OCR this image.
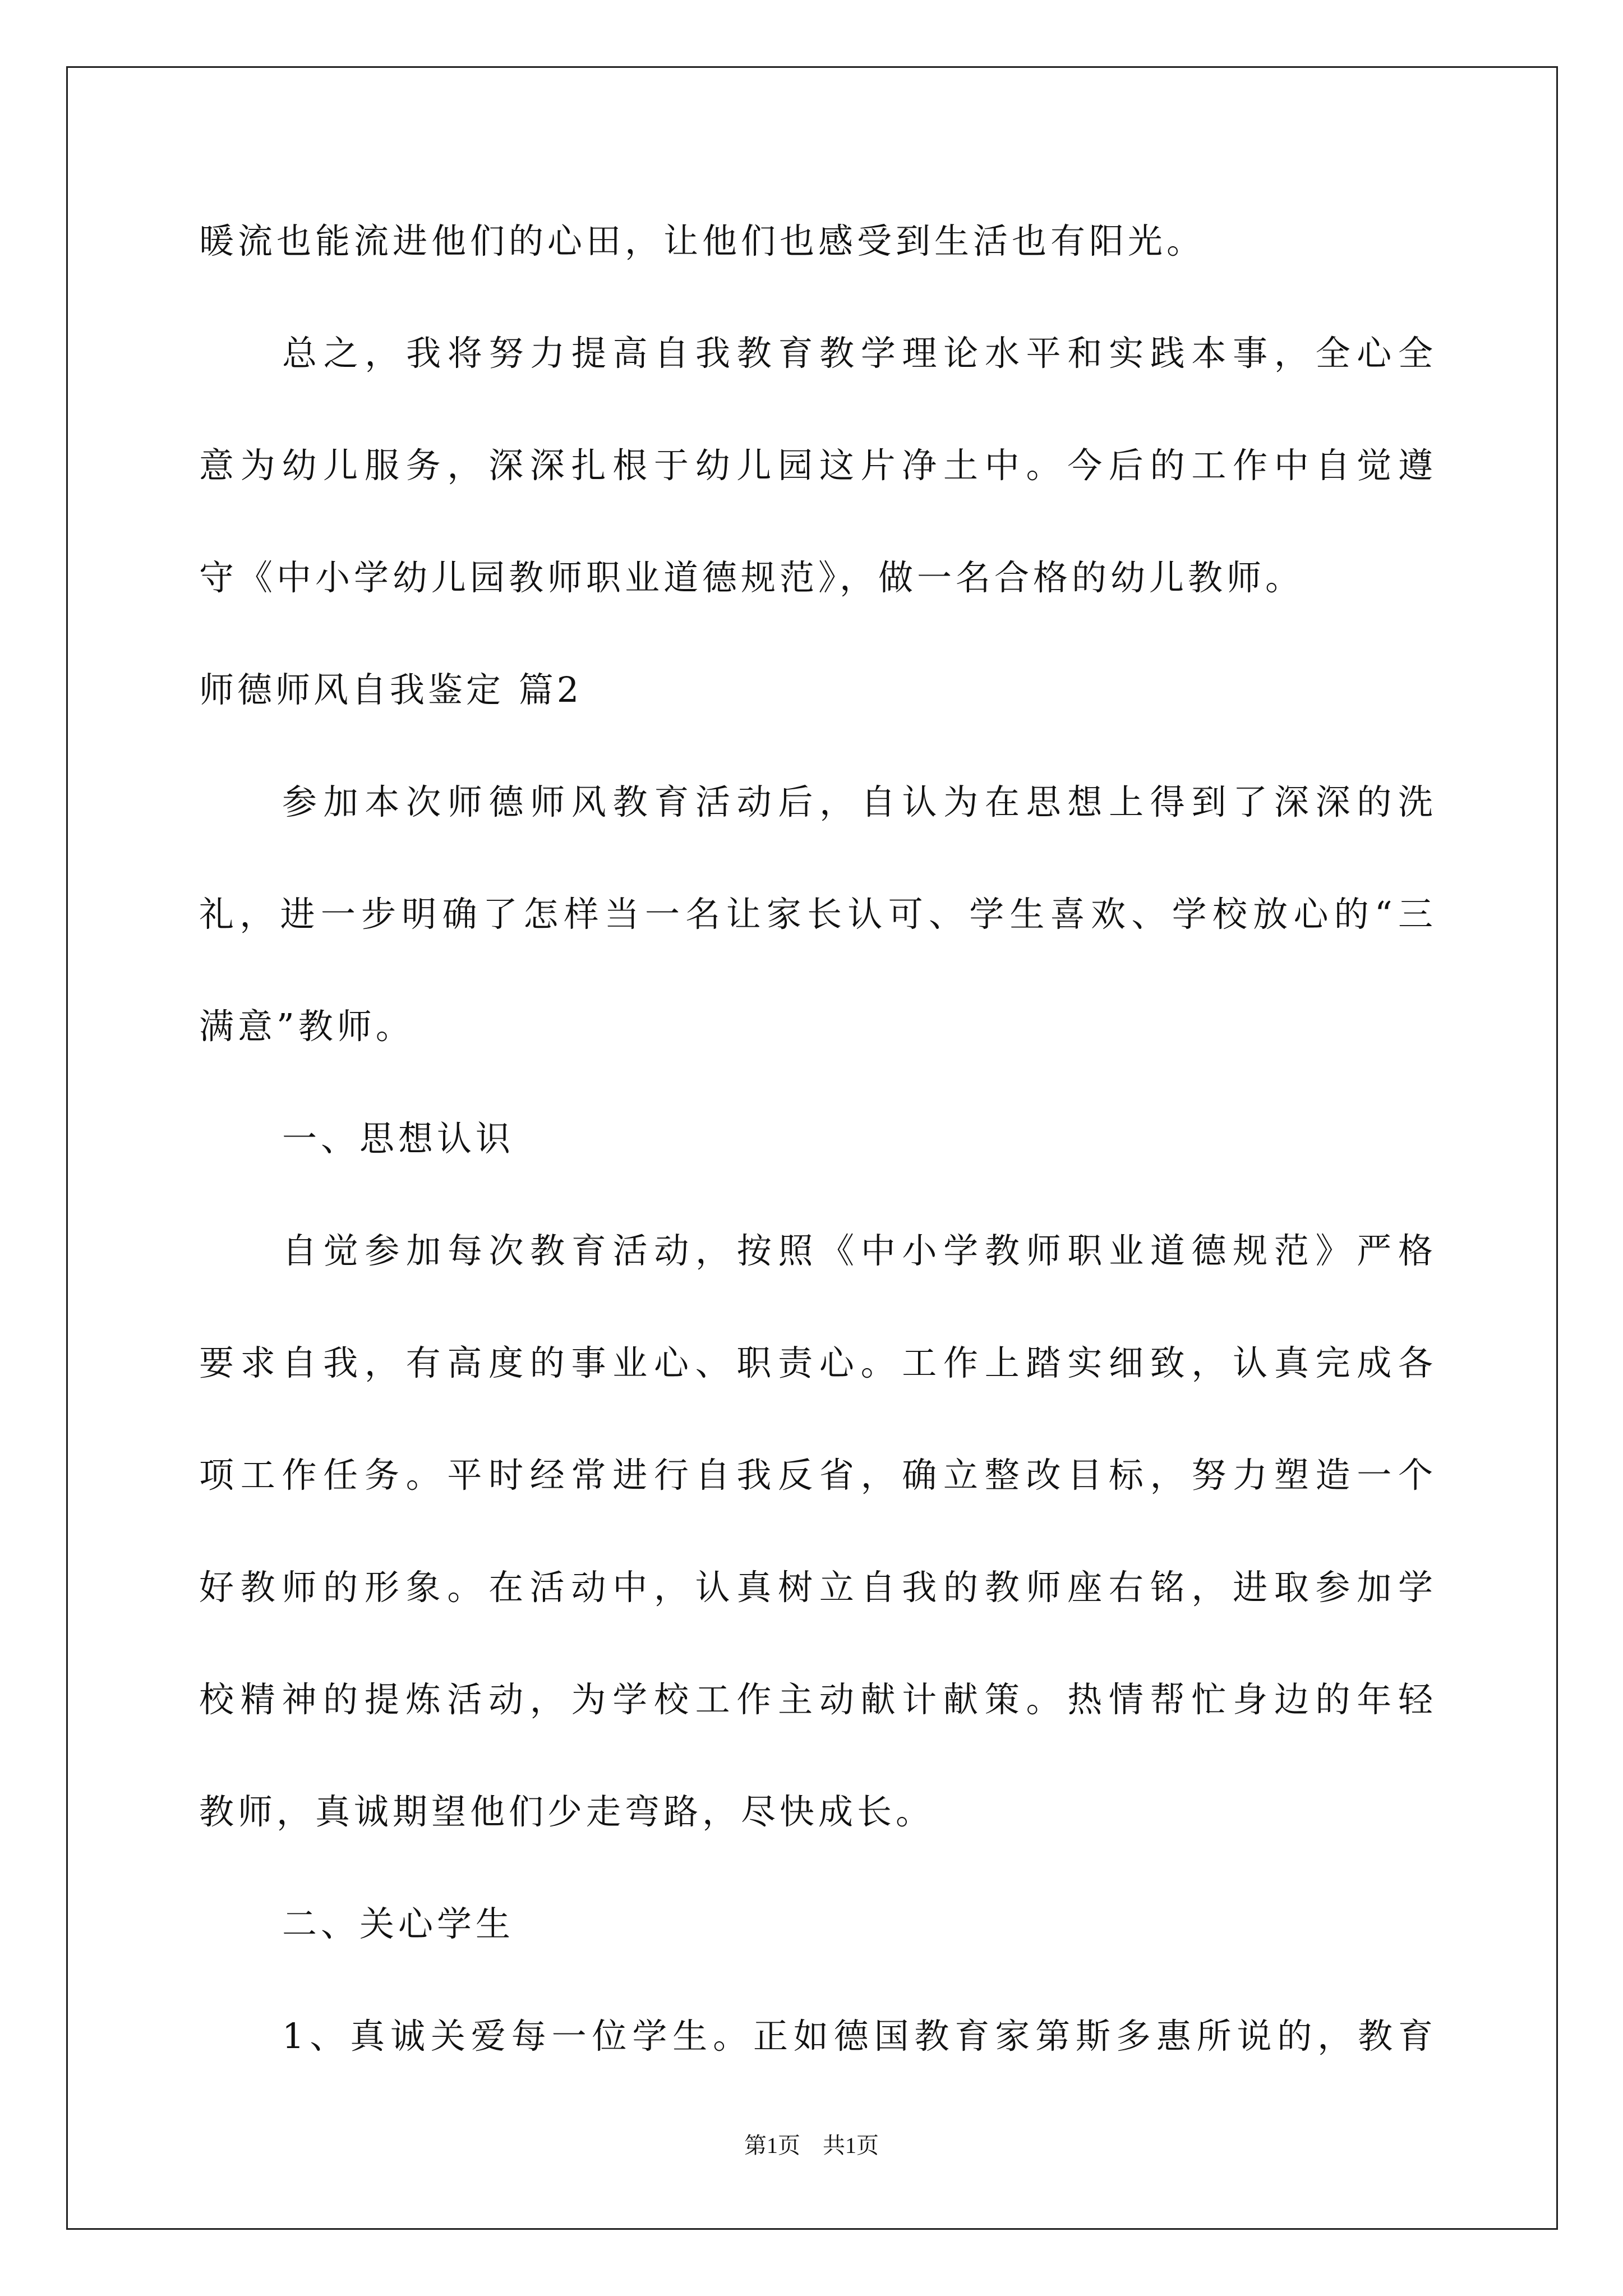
暖流也能流进他们的心田，让他们也感受到生活也有阳光。
总之，我将努力提高自我教育教学理论水平和实践本事，全心全
意为幼儿服务，深深扎根于幼儿园这片净土中。今后的工作中自觉遵
守《中小学幼儿园教师职业道德规范》，做一名合格的幼儿教师。
师德师风自我鉴定 篇2
参加本次师德师风教育活动后，自认为在思想上得到了深深的洗
礼，进一步明确了怎样当一名让家长认可、学生喜欢、学校放心的“三
满意”教师。
一、思想认识
自觉参加每次教育活动，按照《中小学教师职业道德规范》严格
要求自我，有高度的事业心、职责心。工作上踏实细致，认真完成各
项工作任务。平时经常进行自我反省，确立整改目标，努力塑造一个
好教师的形象。在活动中，认真树立自我的教师座右铭，进取参加学
校精神的提炼活动，为学校工作主动献计献策。热情帮忙身边的年轻
教师，真诚期望他们少走弯路，尽快成长。
二、关心学生
1、真诚关爱每一位学生。正如德国教育家第斯多惠所说的，教育
第1页　共1页
